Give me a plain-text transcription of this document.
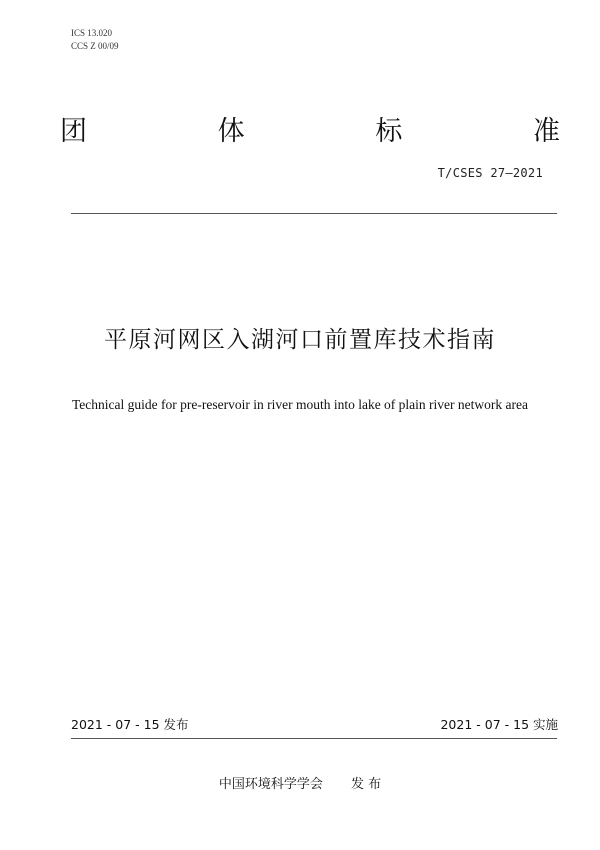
ICS 13.020
CCS Z 00/09
团	体	标	准
T/CSES 27—2021
平原河网区入湖河口前置库技术指南
Technical guide for pre-reservoir in river mouth into lake of plain river network area
2021 - 07 - 15 发布	2021 - 07 - 15 实施
中国环境科学学会 发 布
